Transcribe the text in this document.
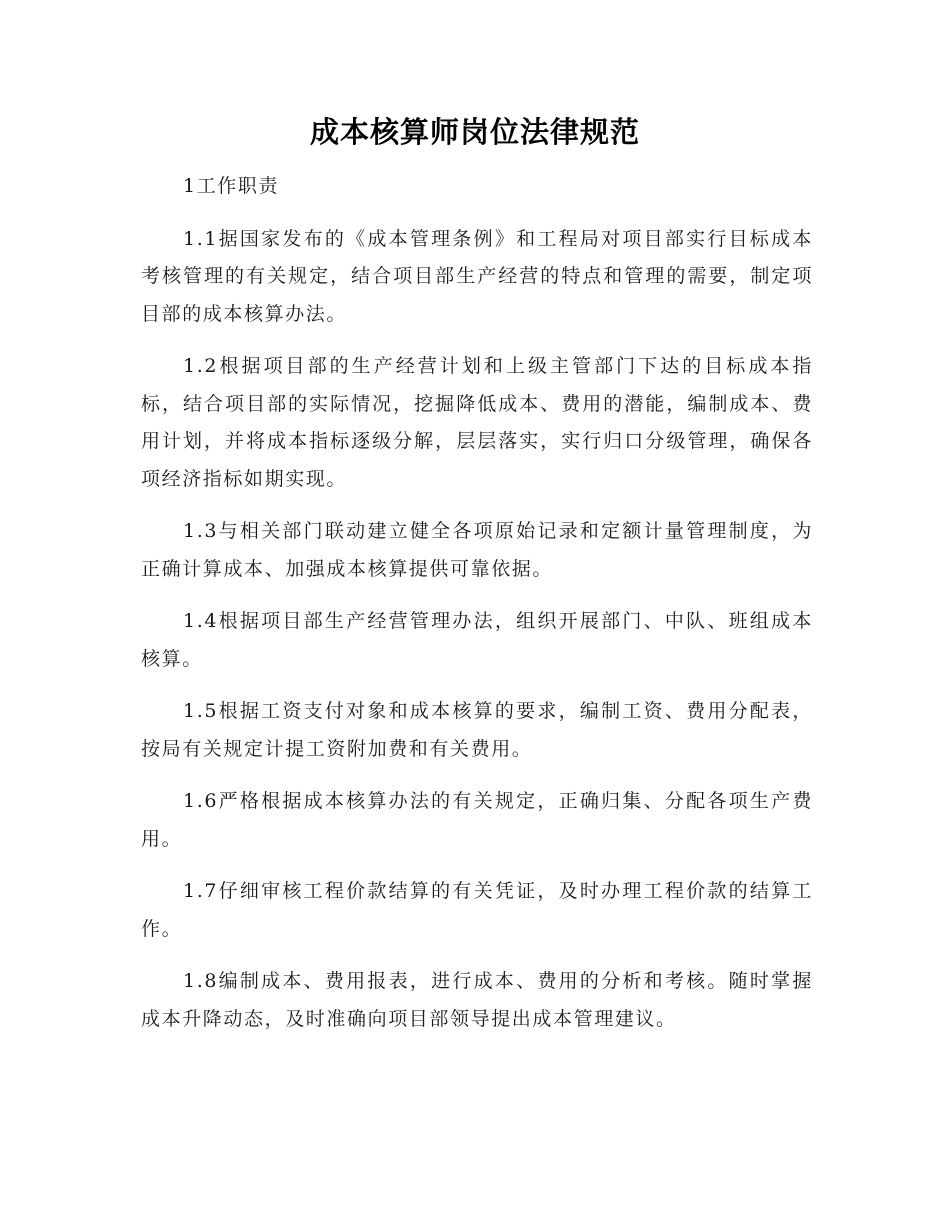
成本核算师岗位法律规范

1工作职责

1.1据国家发布的《成本管理条例》和工程局对项目部实行目标成本考核管理的有关规定，结合项目部生产经营的特点和管理的需要，制定项目部的成本核算办法。

1.2根据项目部的生产经营计划和上级主管部门下达的目标成本指标，结合项目部的实际情况，挖掘降低成本、费用的潜能，编制成本、费用计划，并将成本指标逐级分解，层层落实，实行归口分级管理，确保各项经济指标如期实现。

1.3与相关部门联动建立健全各项原始记录和定额计量管理制度，为正确计算成本、加强成本核算提供可靠依据。

1.4根据项目部生产经营管理办法，组织开展部门、中队、班组成本核算。

1.5根据工资支付对象和成本核算的要求，编制工资、费用分配表，按局有关规定计提工资附加费和有关费用。

1.6严格根据成本核算办法的有关规定，正确归集、分配各项生产费用。

1.7仔细审核工程价款结算的有关凭证，及时办理工程价款的结算工作。

1.8编制成本、费用报表，进行成本、费用的分析和考核。随时掌握成本升降动态，及时准确向项目部领导提出成本管理建议。
